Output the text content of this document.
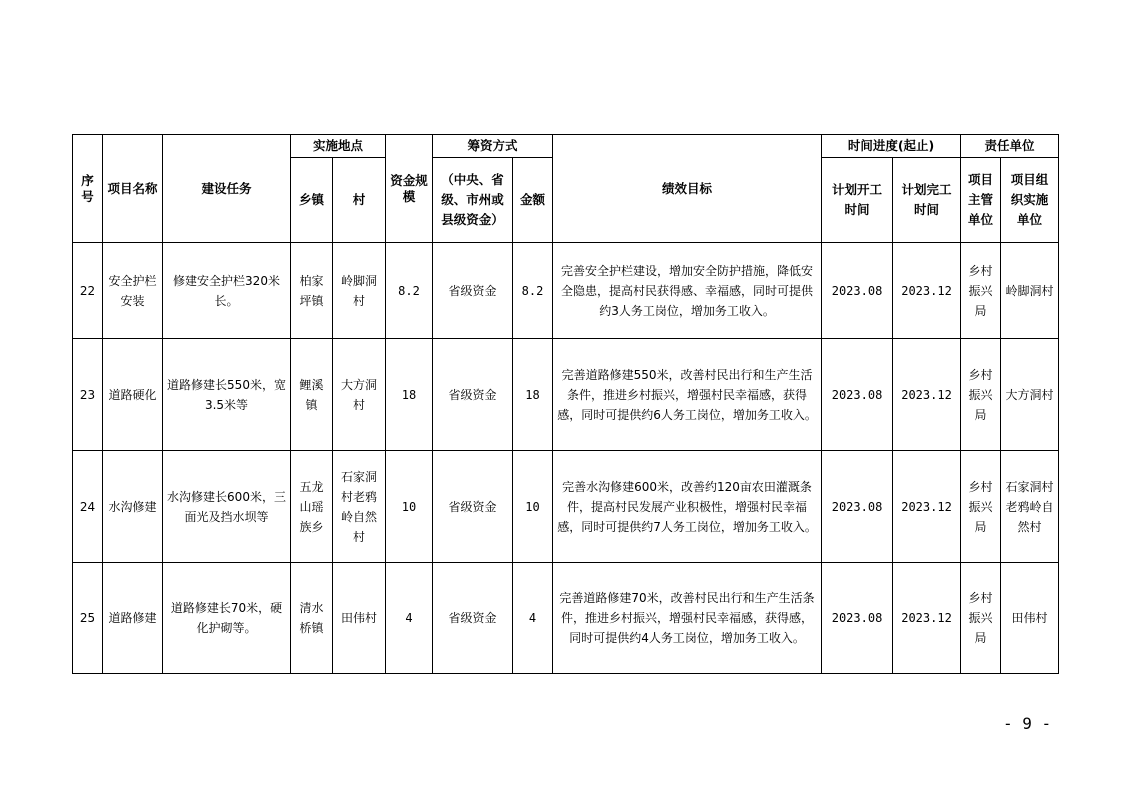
序号	项目名称	建设任务	实施地点		资金规模	筹资方式		绩效目标	时间进度(起止)		责任单位	
			乡镇	村		（中央、省级、市州或县级资金）	金额		计划开工时间	计划完工时间	项目主管单位	项目组织实施单位
22	安全护栏安装	修建安全护栏320米长。	柏家坪镇	岭脚洞村	8.2	省级资金	8.2	完善安全护栏建设，增加安全防护措施，降低安全隐患，提高村民获得感、幸福感，同时可提供约3人务工岗位，增加务工收入。	2023.08	2023.12	乡村振兴局	岭脚洞村
23	道路硬化	道路修建长550米，宽3.5米等	鲤溪镇	大方洞村	18	省级资金	18	完善道路修建550米，改善村民出行和生产生活条件，推进乡村振兴，增强村民幸福感，获得感，同时可提供约6人务工岗位，增加务工收入。	2023.08	2023.12	乡村振兴局	大方洞村
24	水沟修建	水沟修建长600米，三面光及挡水坝等	五龙山瑶族乡	石家洞村老鸦岭自然村	10	省级资金	10	完善水沟修建600米，改善约120亩农田灌溉条件，提高村民发展产业积极性，增强村民幸福感，同时可提供约7人务工岗位，增加务工收入。	2023.08	2023.12	乡村振兴局	石家洞村老鸦岭自然村
25	道路修建	道路修建长70米，硬化护砌等。	清水桥镇	田伟村	4	省级资金	4	完善道路修建70米，改善村民出行和生产生活条件，推进乡村振兴，增强村民幸福感，获得感，同时可提供约4人务工岗位，增加务工收入。	2023.08	2023.12	乡村振兴局	田伟村
- 9 -
